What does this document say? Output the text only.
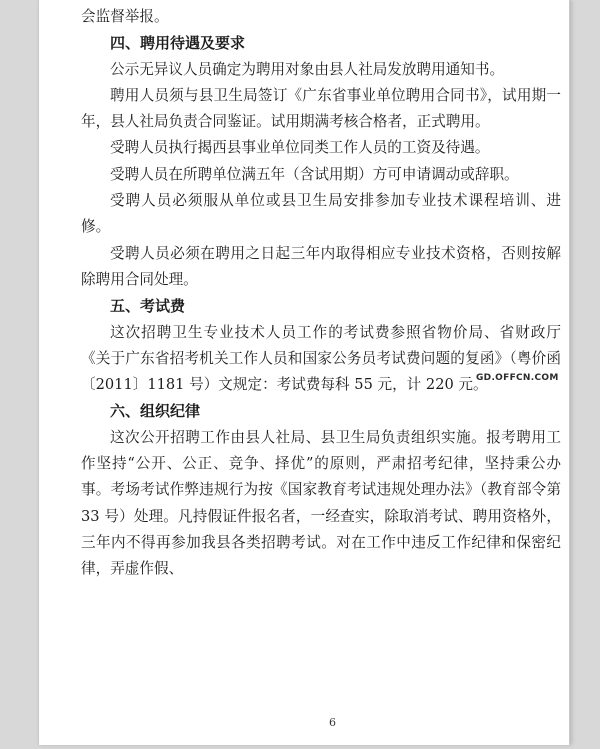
会监督举报。

四、聘用待遇及要求

公示无异议人员确定为聘用对象由县人社局发放聘用通知书。

聘用人员须与县卫生局签订《广东省事业单位聘用合同书》，试用期一年，县人社局负责合同鉴证。试用期满考核合格者，正式聘用。

受聘人员执行揭西县事业单位同类工作人员的工资及待遇。

受聘人员在所聘单位满五年（含试用期）方可申请调动或辞职。

受聘人员必须服从单位或县卫生局安排参加专业技术课程培训、进修。

受聘人员必须在聘用之日起三年内取得相应专业技术资格，否则按解除聘用合同处理。

五、考试费

这次招聘卫生专业技术人员工作的考试费参照省物价局、省财政厅《关于广东省招考机关工作人员和国家公务员考试费问题的复函》（粤价函〔2011〕1181 号）文规定：考试费每科 55 元，计 220 元。

六、组织纪律

这次公开招聘工作由县人社局、县卫生局负责组织实施。报考聘用工作坚持“公开、公正、竞争、择优”的原则，严肃招考纪律，坚持秉公办事。考场考试作弊违规行为按《国家教育考试违规处理办法》（教育部令第 33 号）处理。凡持假证件报名者，一经查实，除取消考试、聘用资格外，三年内不得再参加我县各类招聘考试。对在工作中违反工作纪律和保密纪律，弄虚作假、

6
GD.OFFCN.COM
